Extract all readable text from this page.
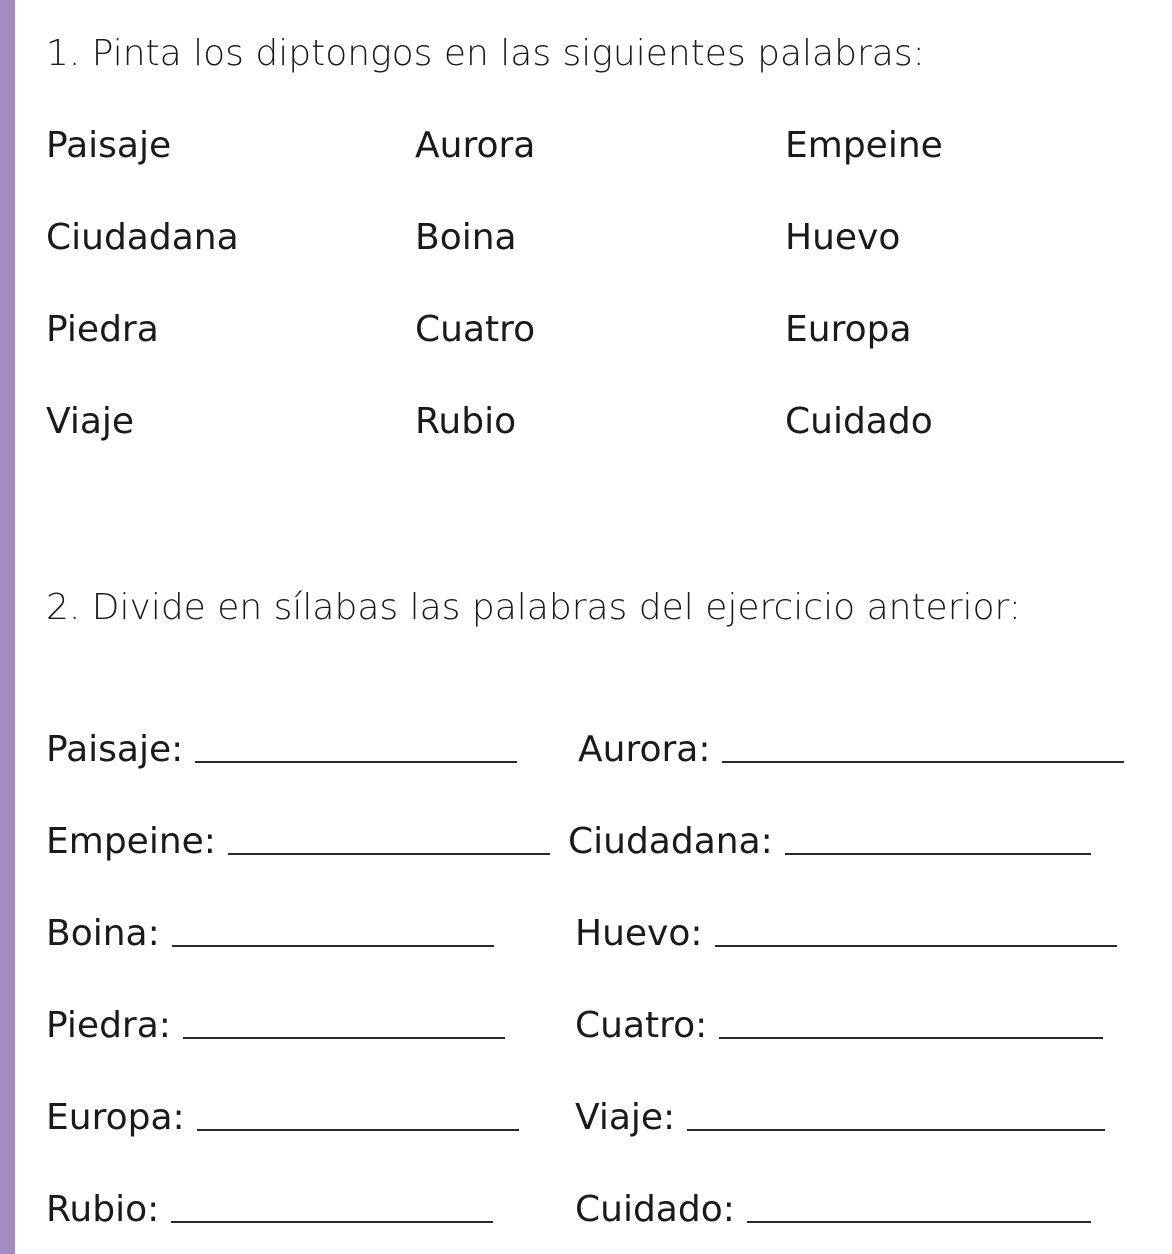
1. Pinta los diptongos en las siguientes palabras:
Paisaje	Aurora	Empeine
Ciudadana	Boina	Huevo
Piedra	Cuatro	Europa
Viaje	Rubio	Cuidado
2. Divide en sílabas las palabras del ejercicio anterior:
Paisaje:	Aurora:
Empeine:	Ciudadana:
Boina:	Huevo:
Piedra:	Cuatro:
Europa:	Viaje:
Rubio:	Cuidado:
